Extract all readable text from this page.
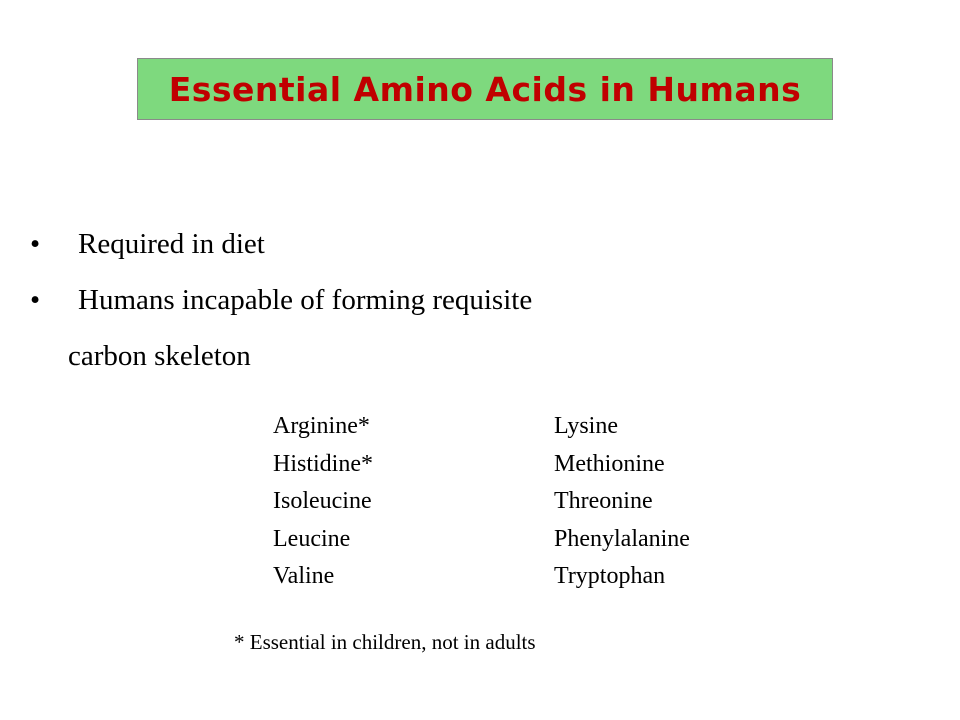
Essential Amino Acids in Humans
• Required in diet
• Humans incapable of forming requisite
carbon skeleton
Arginine*
Histidine*
Isoleucine
Leucine
Valine
Lysine
Methionine
Threonine
Phenylalanine
Tryptophan
* Essential in children, not in adults
